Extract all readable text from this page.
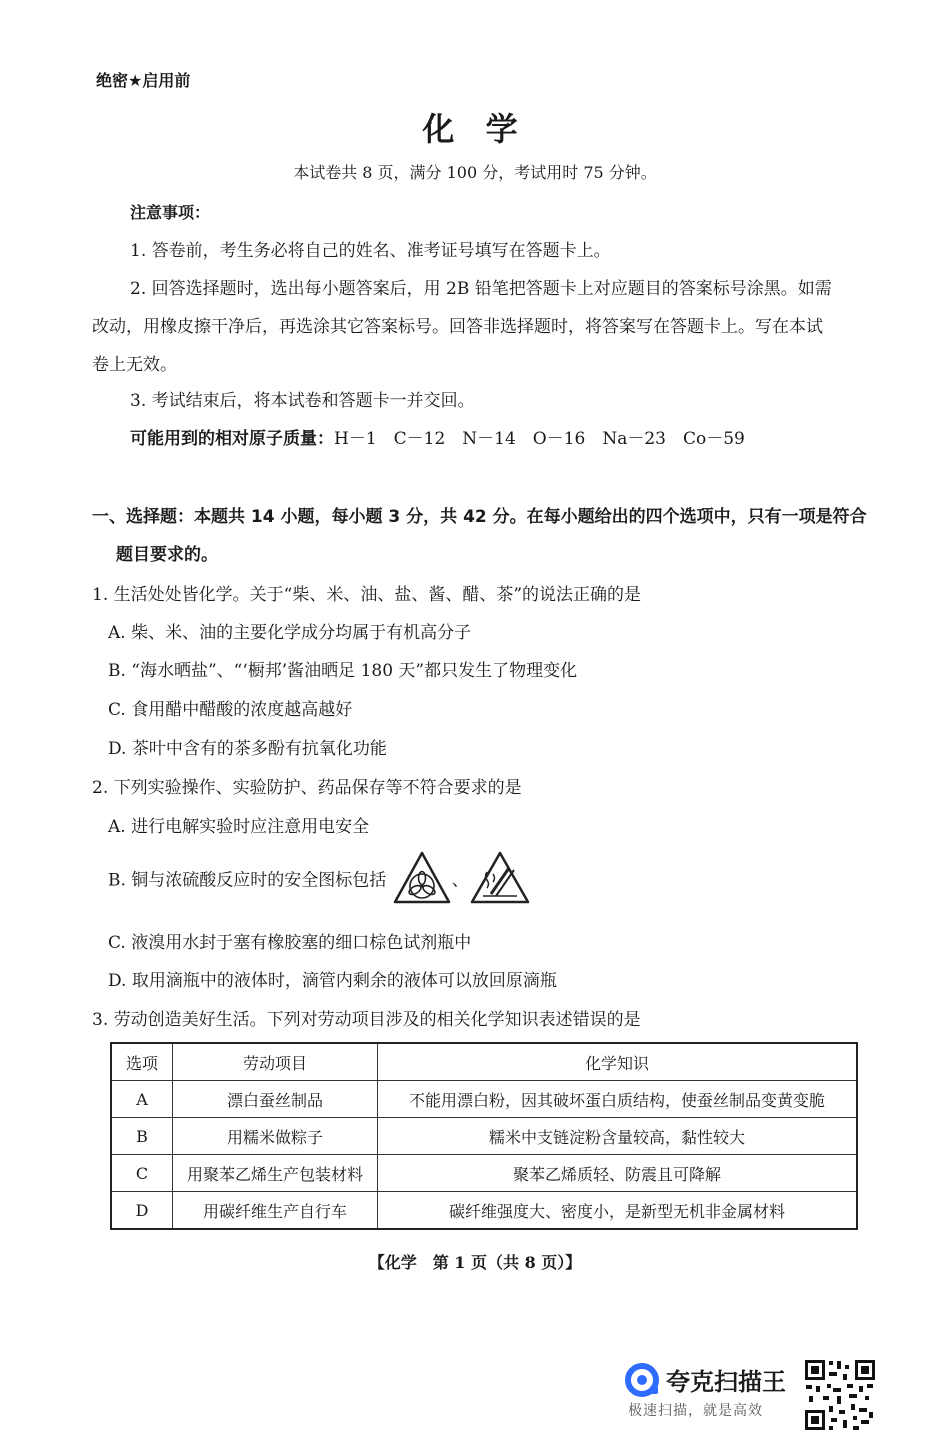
绝密★启用前
化 学
本试卷共 8 页，满分 100 分，考试用时 75 分钟。
注意事项：
1. 答卷前，考生务必将自己的姓名、准考证号填写在答题卡上。
2. 回答选择题时，选出每小题答案后，用 2B 铅笔把答题卡上对应题目的答案标号涂黑。如需
改动，用橡皮擦干净后，再选涂其它答案标号。回答非选择题时，将答案写在答题卡上。写在本试
卷上无效。
3. 考试结束后，将本试卷和答题卡一并交回。
可能用到的相对原子质量：H－1　C－12　N－14　O－16　Na－23　Co－59
一、选择题：本题共 14 小题，每小题 3 分，共 42 分。在每小题给出的四个选项中，只有一项是符合
题目要求的。
1. 生活处处皆化学。关于“柴、米、油、盐、酱、醋、茶”的说法正确的是
A. 柴、米、油的主要化学成分均属于有机高分子
B. “海水晒盐”、“‘橱邦’酱油晒足 180 天”都只发生了物理变化
C. 食用醋中醋酸的浓度越高越好
D. 茶叶中含有的茶多酚有抗氧化功能
2. 下列实验操作、实验防护、药品保存等不符合要求的是
A. 进行电解实验时应注意用电安全
B. 铜与浓硫酸反应时的安全图标包括	、
C. 液溴用水封于塞有橡胶塞的细口棕色试剂瓶中
D. 取用滴瓶中的液体时，滴管内剩余的液体可以放回原滴瓶
3. 劳动创造美好生活。下列对劳动项目涉及的相关化学知识表述错误的是
选项	劳动项目	化学知识
A	漂白蚕丝制品	不能用漂白粉，因其破坏蛋白质结构，使蚕丝制品变黄变脆
B	用糯米做粽子	糯米中支链淀粉含量较高，黏性较大
C	用聚苯乙烯生产包装材料	聚苯乙烯质轻、防震且可降解
D	用碳纤维生产自行车	碳纤维强度大、密度小，是新型无机非金属材料
【化学　第 1 页（共 8 页）】
夸克扫描王
极速扫描，就是高效
